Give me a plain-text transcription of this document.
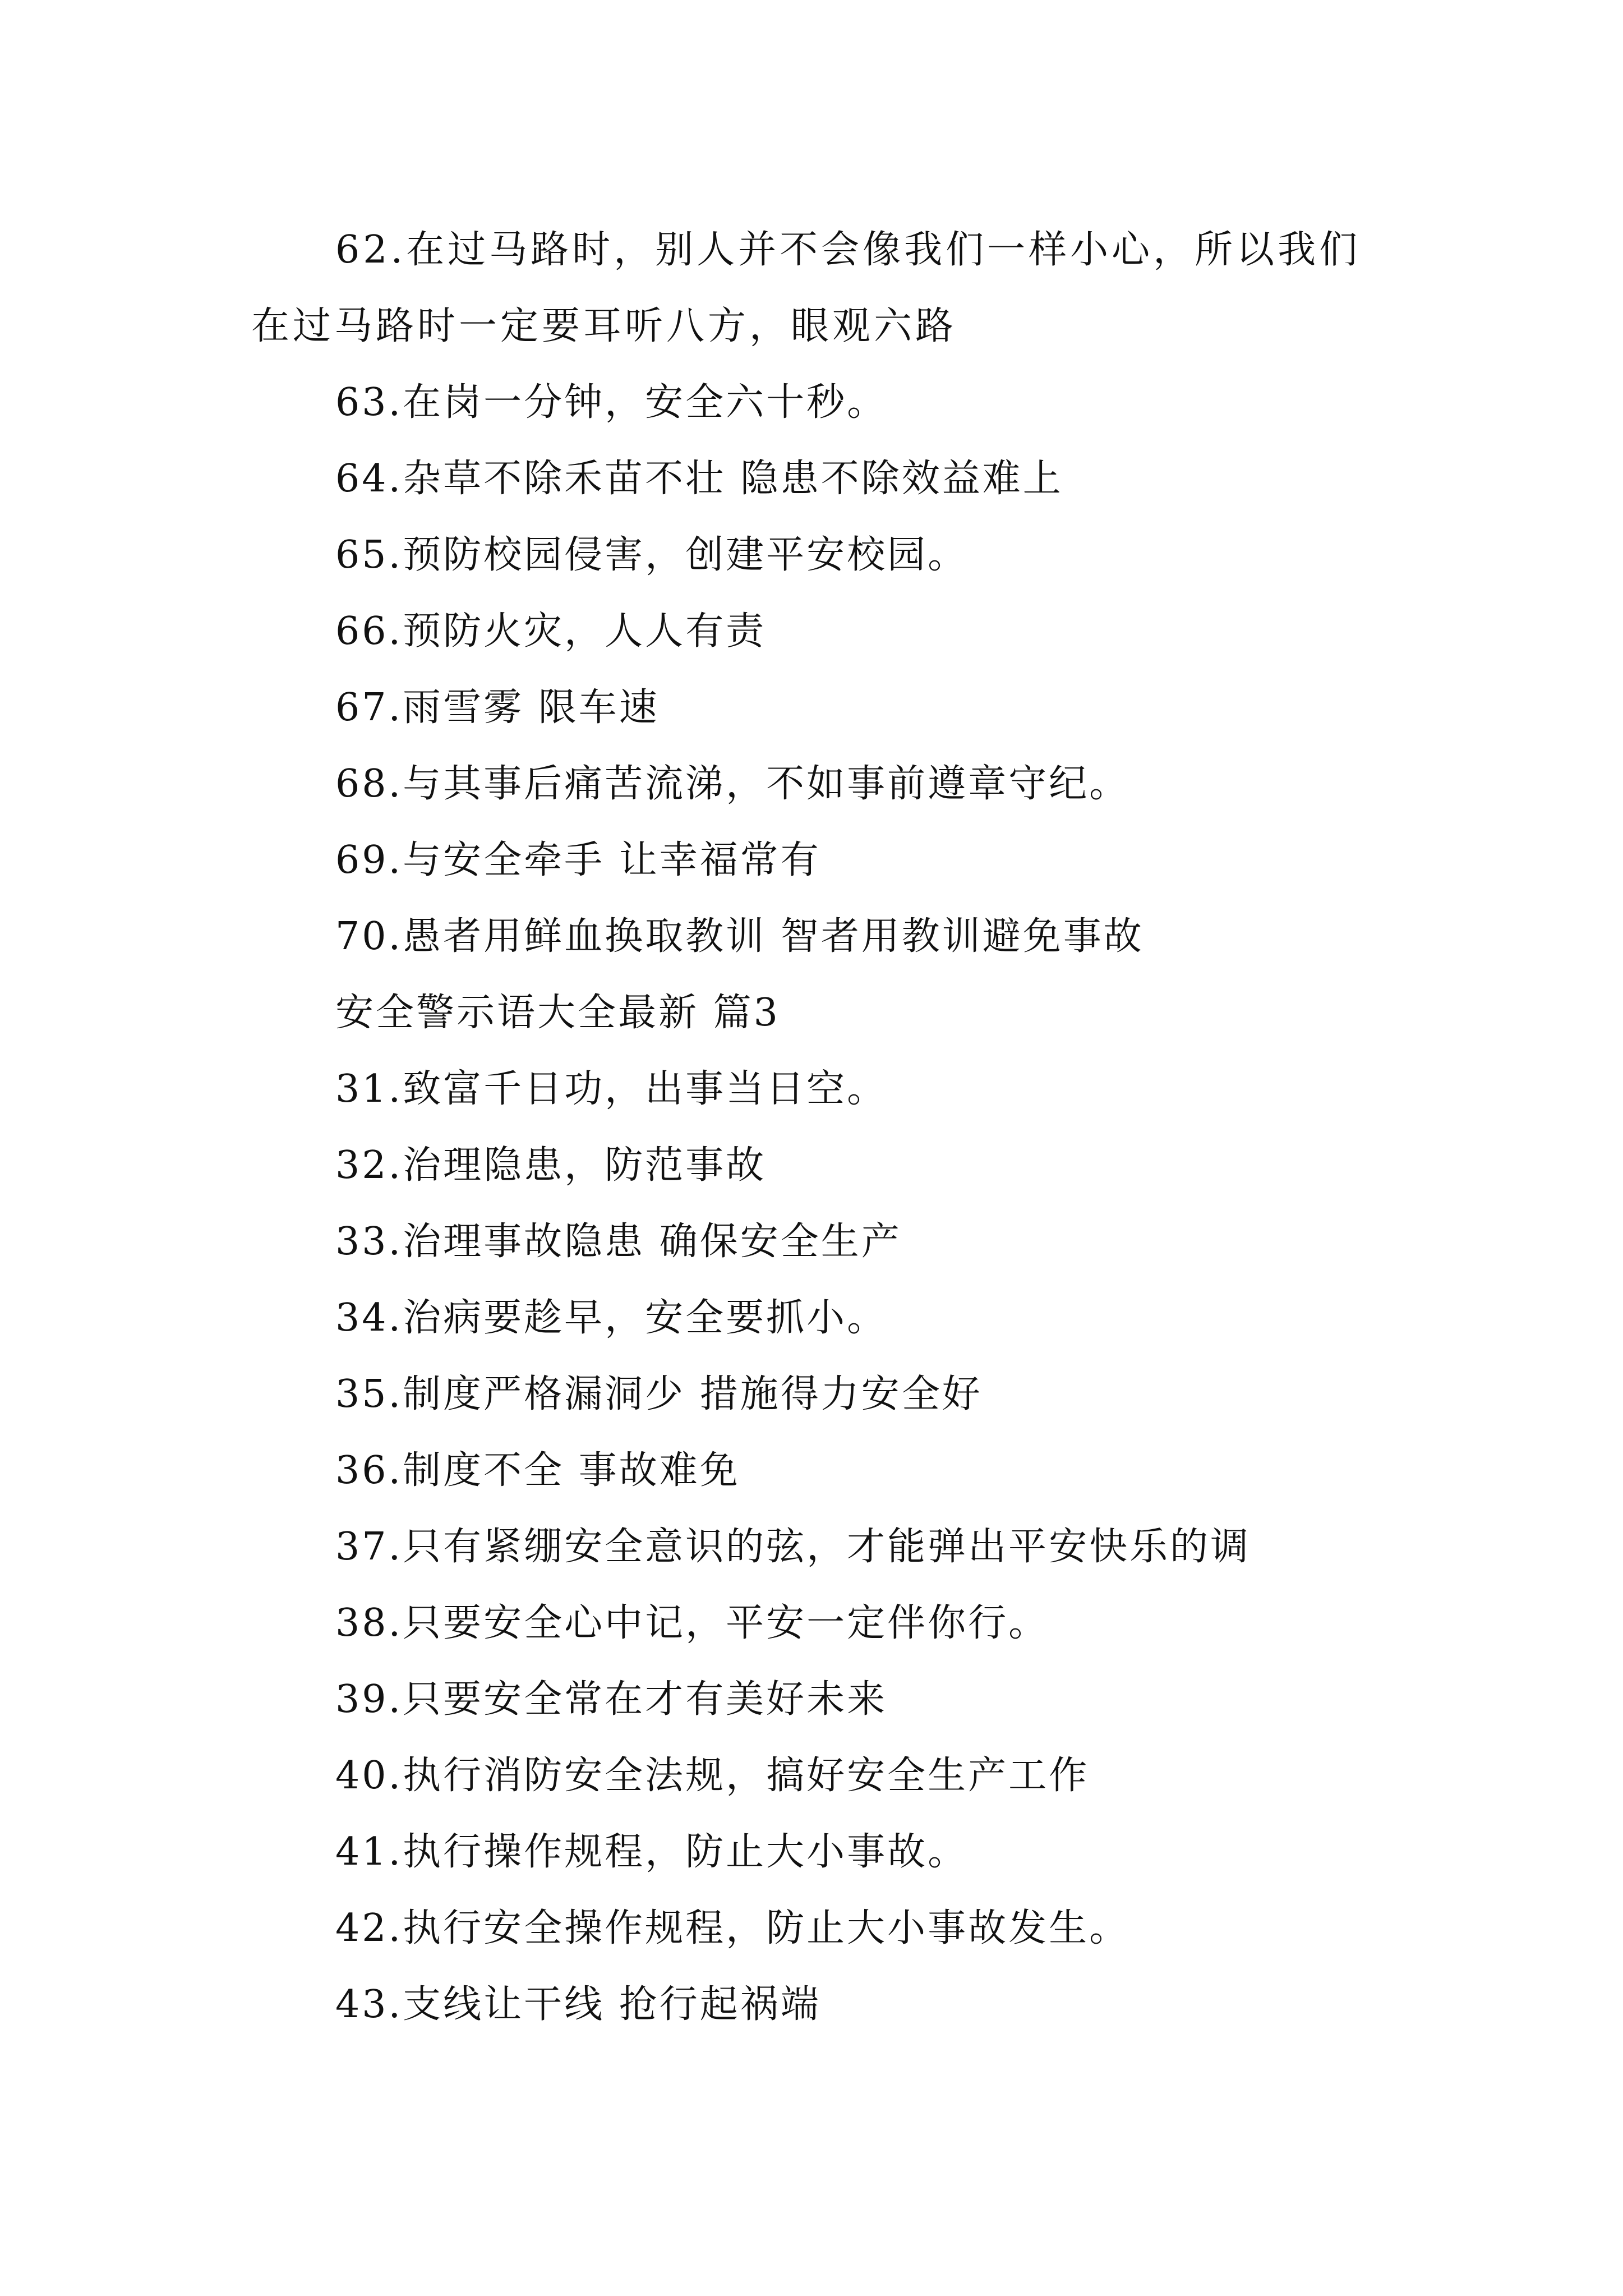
62.在过马路时，别人并不会像我们一样小心，所以我们在过马路时一定要耳听八方，眼观六路
63.在岗一分钟，安全六十秒。
64.杂草不除禾苗不壮 隐患不除效益难上
65.预防校园侵害，创建平安校园。
66.预防火灾，人人有责
67.雨雪雾 限车速
68.与其事后痛苦流涕，不如事前遵章守纪。
69.与安全牵手 让幸福常有
70.愚者用鲜血换取教训 智者用教训避免事故
安全警示语大全最新 篇3
31.致富千日功，出事当日空。
32.治理隐患，防范事故
33.治理事故隐患 确保安全生产
34.治病要趁早，安全要抓小。
35.制度严格漏洞少 措施得力安全好
36.制度不全 事故难免
37.只有紧绷安全意识的弦，才能弹出平安快乐的调
38.只要安全心中记，平安一定伴你行。
39.只要安全常在才有美好未来
40.执行消防安全法规，搞好安全生产工作
41.执行操作规程，防止大小事故。
42.执行安全操作规程，防止大小事故发生。
43.支线让干线 抢行起祸端
